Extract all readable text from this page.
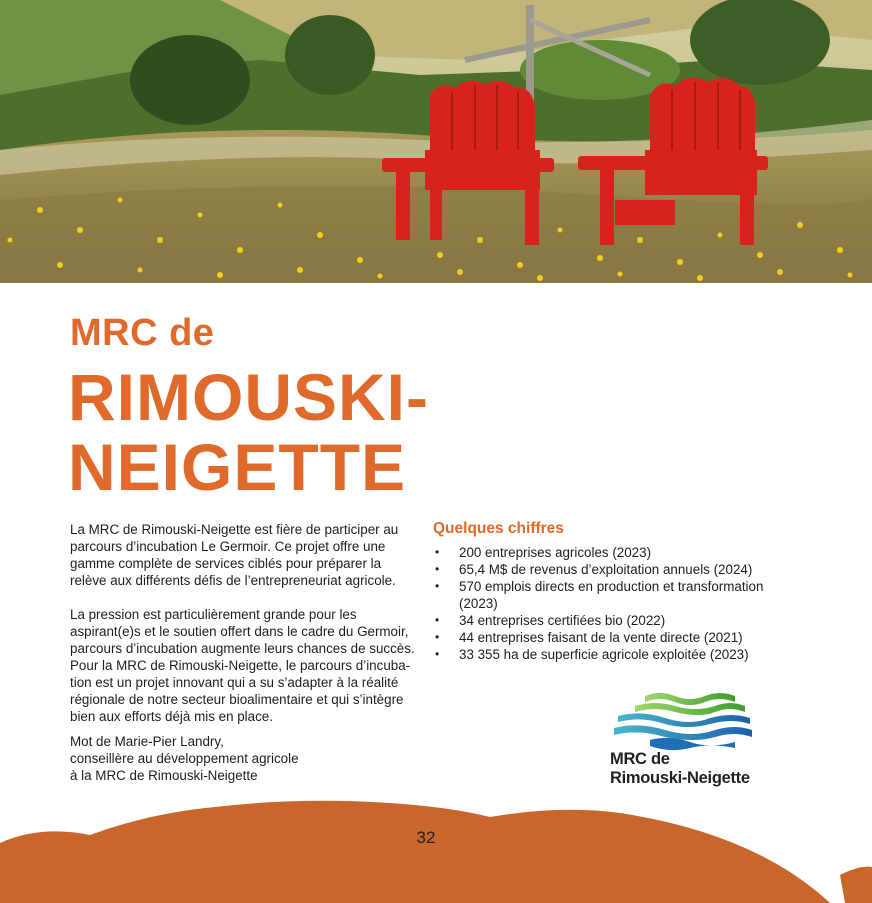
MRC de
RIMOUSKI-
NEIGETTE

La MRC de Rimouski-Neigette est fière de participer au parcours d’incubation Le Germoir. Ce projet offre une gamme complète de services ciblés pour préparer la relève aux différents défis de l’entrepreneuriat agricole.

La pression est particulièrement grande pour les aspirant(e)s et le soutien offert dans le cadre du Germoir, parcours d’incubation augmente leurs chances de succès. Pour la MRC de Rimouski-Neigette, le parcours d’incuba-tion est un projet innovant qui a su s’adapter à la réalité régionale de notre secteur bioalimentaire et qui s’intègre bien aux efforts déjà mis en place.

Mot de Marie-Pier Landry,
conseillère au développement agricole
à la MRC de Rimouski-Neigette
Quelques chiffres
• 200 entreprises agricoles (2023)
• 65,4 M$ de revenus d’exploitation annuels (2024)
• 570 emplois directs en production et transformation (2023)
• 34 entreprises certifiées bio (2022)
• 44 entreprises faisant de la vente directe (2021)
• 33 355 ha de superficie agricole exploitée (2023)
MRC de
Rimouski-Neigette
32
